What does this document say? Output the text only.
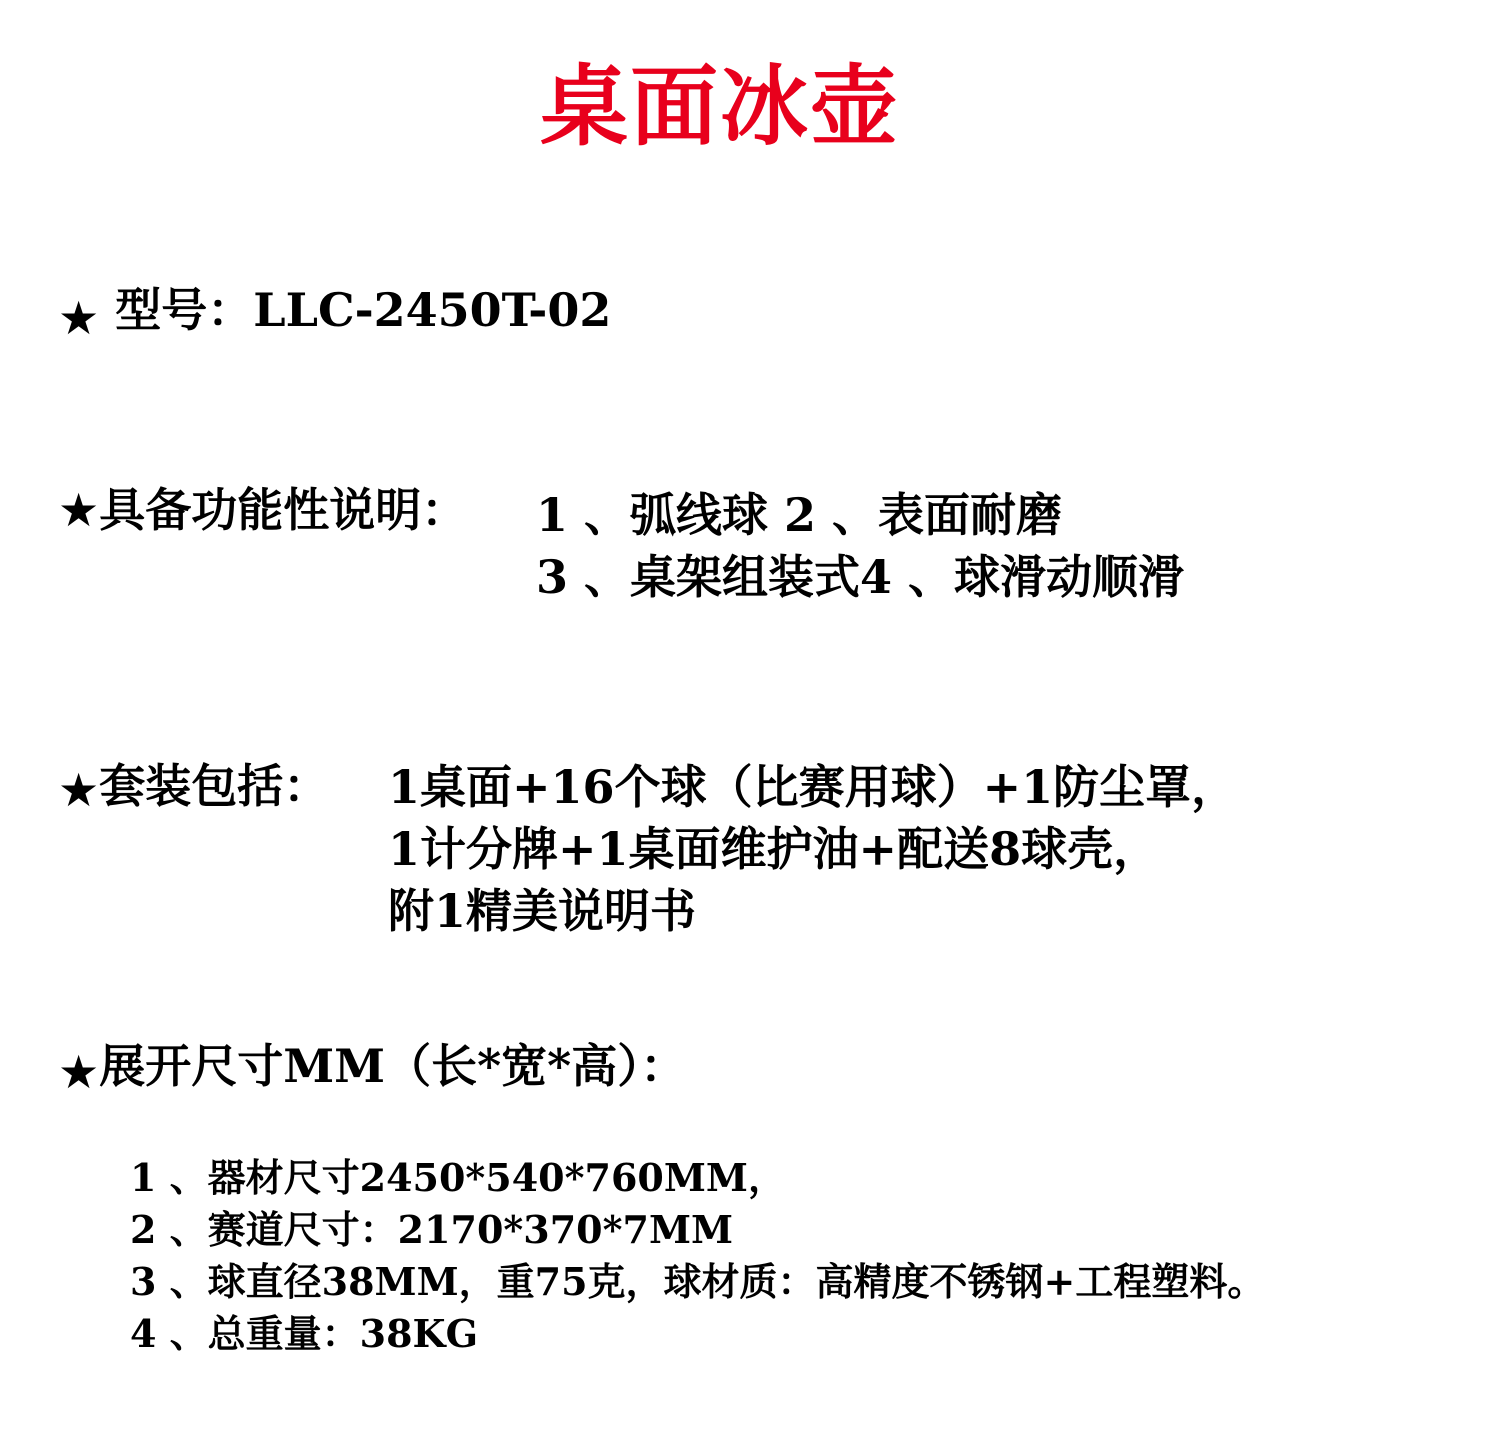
桌面冰壶
★ 型号：LLC-2450T-02
★具备功能性说明： 1 、弧线球 2 、表面耐磨
3 、桌架组装式4 、球滑动顺滑
★套装包括： 1桌面+16个球（比赛用球）+1防尘罩，
1计分牌+1桌面维护油+配送8球壳，
附1精美说明书
★展开尺寸MM（长*宽*高）：
1 、器材尺寸2450*540*760MM，
2 、赛道尺寸：2170*370*7MM
3 、球直径38MM，重75克，球材质：高精度不锈钢+工程塑料。
4 、总重量：38KG
